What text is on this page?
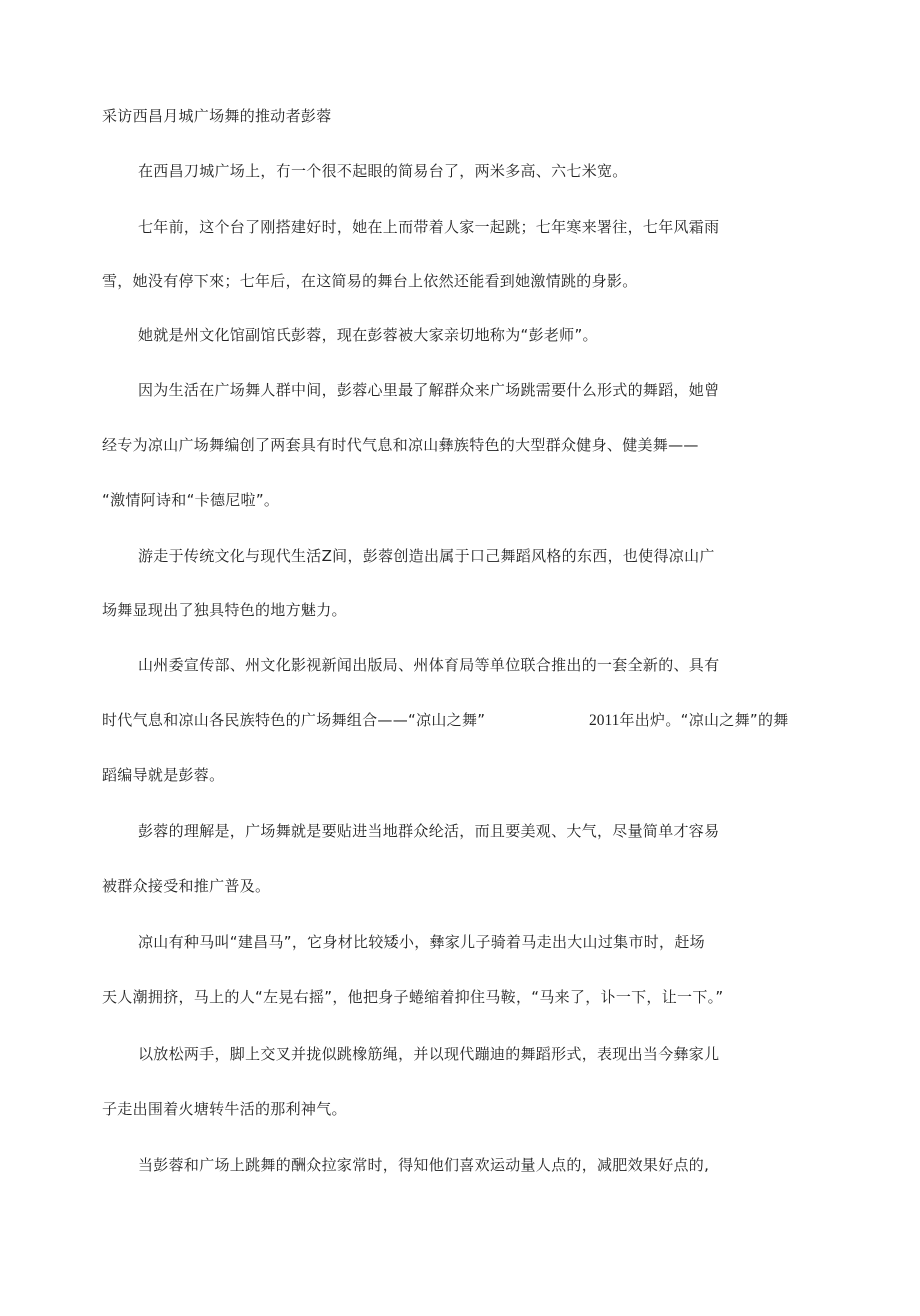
采访西昌月城广场舞的推动者彭蓉
在西昌刀城广场上，冇一个很不起眼的简易台了，两米多高、六七米宽。
七年前，这个台了刚搭建好时，她在上而带着人家一起跳；七年寒来署往，七年风霜雨
雪，她没有停下來；七年后，在这简易的舞台上依然还能看到她激情跳的身影。
她就是州文化馆副馆氏彭蓉，现在彭蓉被大家亲切地称为“彭老师”。
因为生活在广场舞人群中间，彭蓉心里最了解群众来广场跳需要什么形式的舞蹈，她曾
经专为凉山广场舞编创了两套具有时代气息和凉山彝族特色的大型群众健身、健美舞——
“激情阿诗和“卡德尼啦”。
游走于传统文化与现代生活Z间，彭蓉创造出属于口己舞蹈风格的东西，也使得凉山广
场舞显现出了独具特色的地方魅力。
山州委宣传部、州文化影视新闻出版局、州体育局等单位联合推出的一套全新的、具有
时代气息和凉山各民族特色的广场舞组合——“凉山之舞”	2011年出炉。“凉山之舞”的舞
蹈编导就是彭蓉。
彭蓉的理解是，广场舞就是要贴进当地群众纶活，而且要美观、大气，尽量简单才容易
被群众接受和推广普及。
凉山有种马叫“建昌马”，它身材比较矮小，彝家儿子骑着马走出大山过集市时，赶场
天人潮拥挤，马上的人“左晃右摇”，他把身子蜷缩着抑住马鞍，“马来了，讣一下，让一下。”
以放松两手，脚上交叉并拢似跳橡筋绳，并以现代蹦迪的舞蹈形式，表现出当今彝家儿
子走出围着火塘转牛活的那利神气。
当彭蓉和广场上跳舞的酬众拉家常时，得知他们喜欢运动量人点的，减肥效果好点的,
